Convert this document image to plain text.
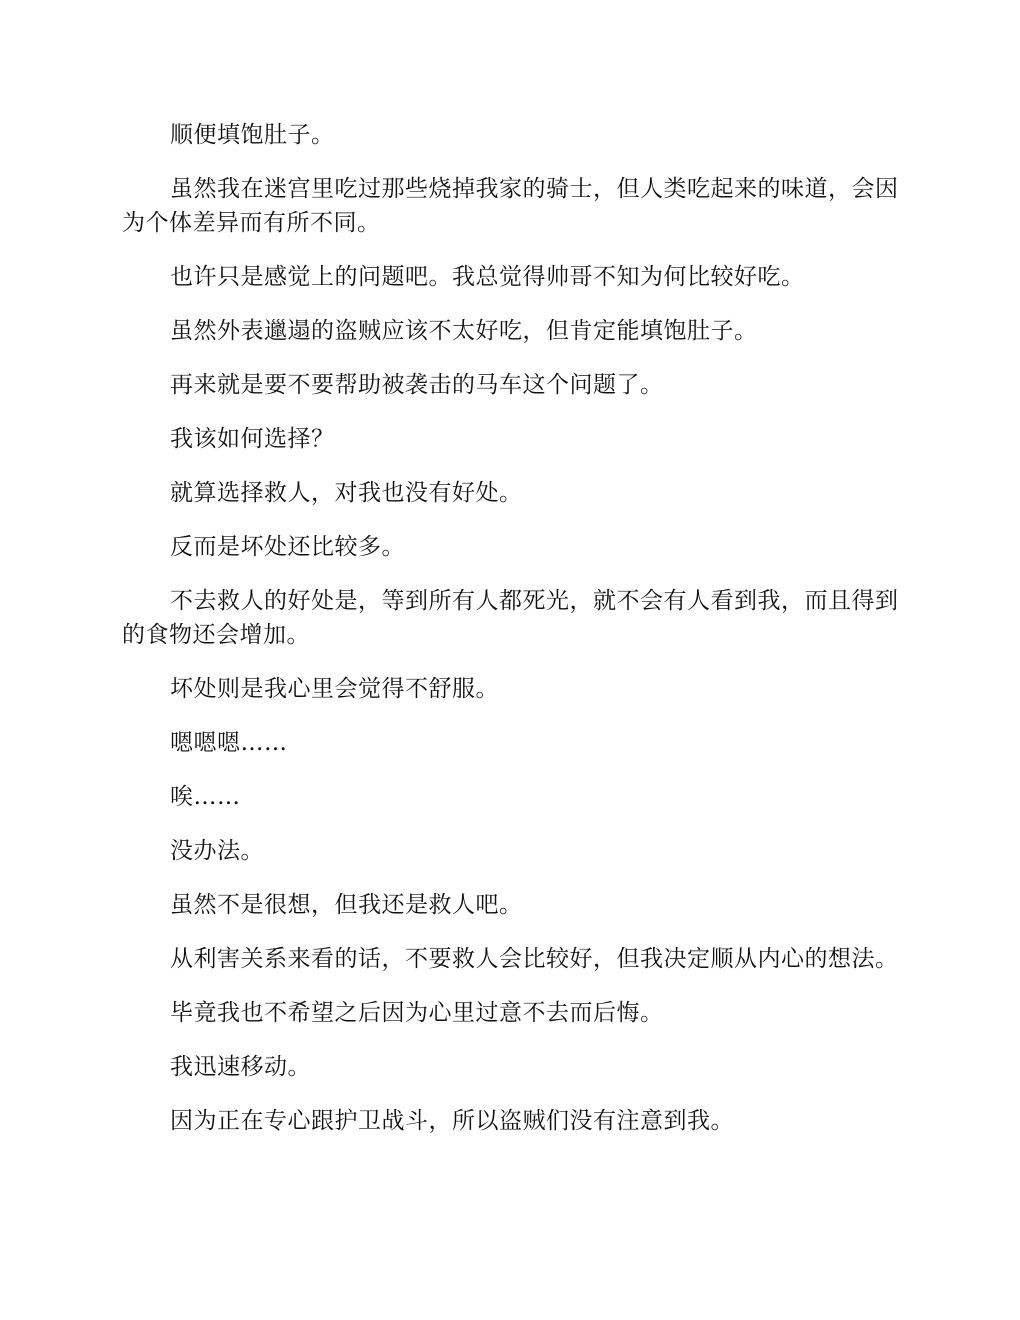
顺便填饱肚子。

虽然我在迷宫里吃过那些烧掉我家的骑士，但人类吃起来的味道，会因为个体差异而有所不同。

也许只是感觉上的问题吧。我总觉得帅哥不知为何比较好吃。

虽然外表邋遢的盗贼应该不太好吃，但肯定能填饱肚子。

再来就是要不要帮助被袭击的马车这个问题了。

我该如何选择？

就算选择救人，对我也没有好处。

反而是坏处还比较多。

不去救人的好处是，等到所有人都死光，就不会有人看到我，而且得到的食物还会增加。

坏处则是我心里会觉得不舒服。

嗯嗯嗯……

唉……

没办法。

虽然不是很想，但我还是救人吧。

从利害关系来看的话，不要救人会比较好，但我决定顺从内心的想法。

毕竟我也不希望之后因为心里过意不去而后悔。

我迅速移动。

因为正在专心跟护卫战斗，所以盗贼们没有注意到我。
